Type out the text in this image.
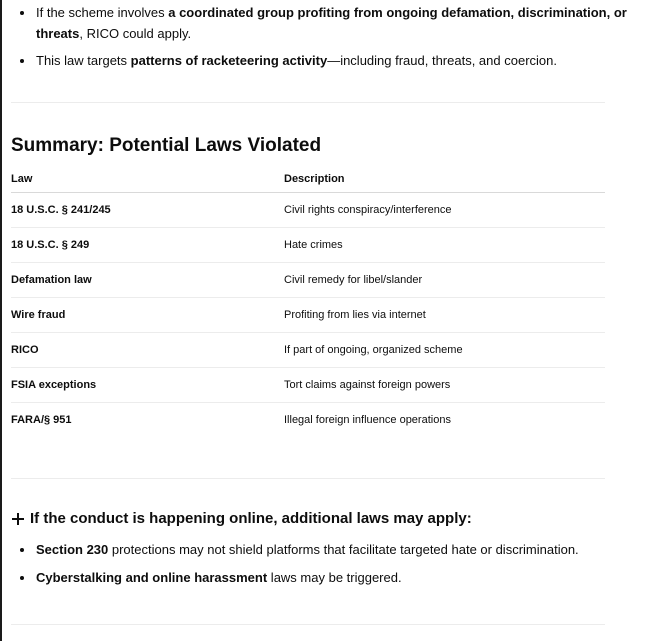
If the scheme involves a coordinated group profiting from ongoing defamation, discrimination, or threats, RICO could apply.
This law targets patterns of racketeering activity—including fraud, threats, and coercion.
Summary: Potential Laws Violated
Law	Description
18 U.S.C. § 241/245	Civil rights conspiracy/interference
18 U.S.C. § 249	Hate crimes
Defamation law	Civil remedy for libel/slander
Wire fraud	Profiting from lies via internet
RICO	If part of ongoing, organized scheme
FSIA exceptions	Tort claims against foreign powers
FARA/§ 951	Illegal foreign influence operations
If the conduct is happening online, additional laws may apply:
Section 230 protections may not shield platforms that facilitate targeted hate or discrimination.
Cyberstalking and online harassment laws may be triggered.
